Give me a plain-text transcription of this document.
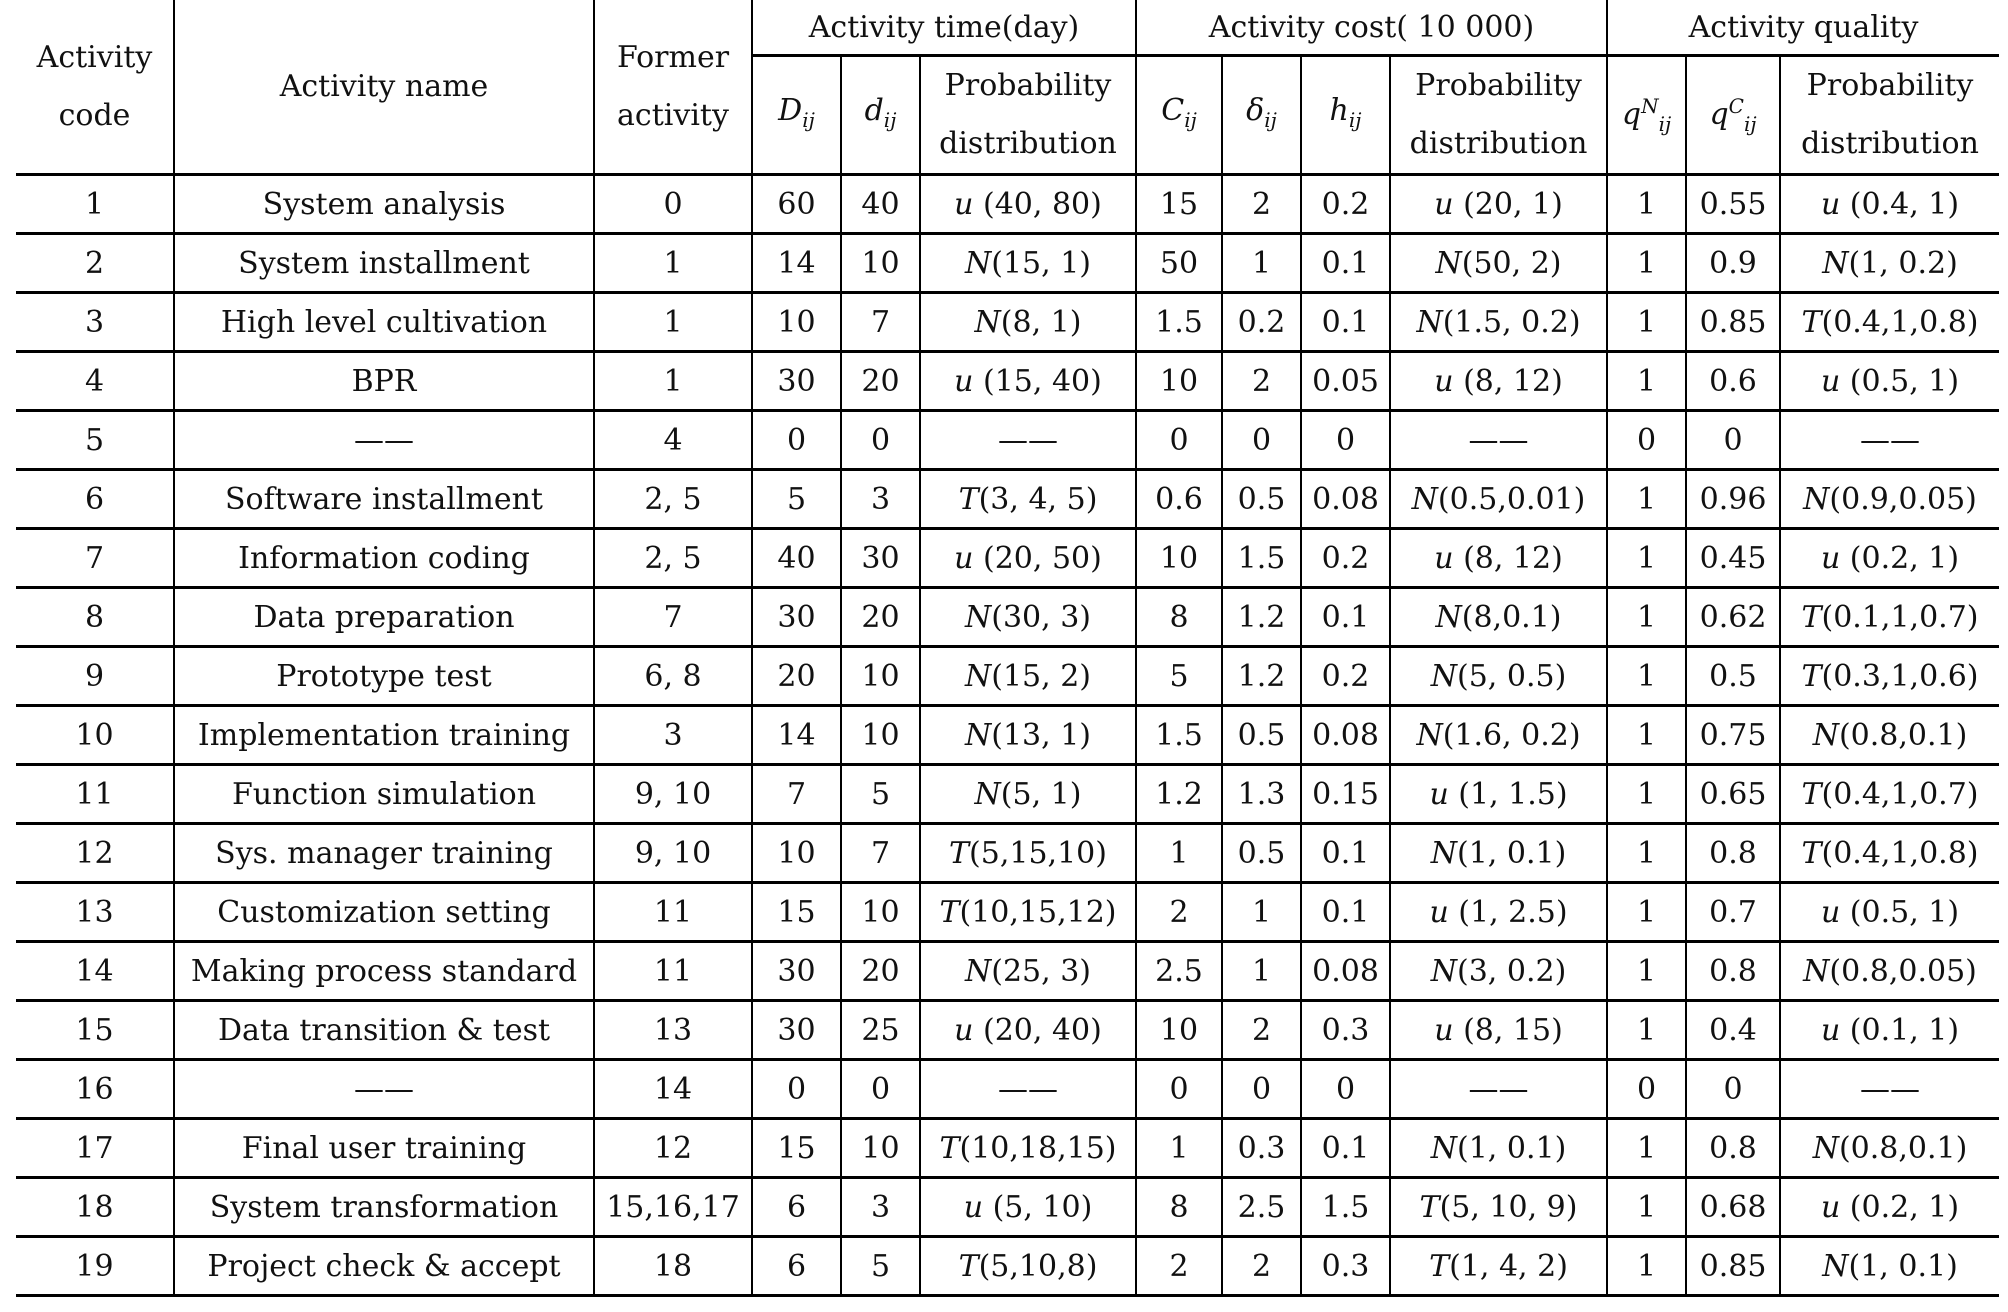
Activity code	Activity name	Former activity	Activity time(day)			Activity cost( 10 000)				Activity quality		
			$D_{ij}$	$d_{ij}$	Probability distribution	$C_{ij}$	$\delta_{ij}$	$h_{ij}$	Probability distribution	$q^N_{ij}$	$q^C_{ij}$	Probability distribution
1	System analysis	0	60	40	u (40, 80)	15	2	0.2	u (20, 1)	1	0.55	u (0.4, 1)
2	System installment	1	14	10	N(15, 1)	50	1	0.1	N(50, 2)	1	0.9	N(1, 0.2)
3	High level cultivation	1	10	7	N(8, 1)	1.5	0.2	0.1	N(1.5, 0.2)	1	0.85	T(0.4,1,0.8)
4	BPR	1	30	20	u (15, 40)	10	2	0.05	u (8, 12)	1	0.6	u (0.5, 1)
5	——	4	0	0	——	0	0	0	——	0	0	——
6	Software installment	2, 5	5	3	T(3, 4, 5)	0.6	0.5	0.08	N(0.5,0.01)	1	0.96	N(0.9,0.05)
7	Information coding	2, 5	40	30	u (20, 50)	10	1.5	0.2	u (8, 12)	1	0.45	u (0.2, 1)
8	Data preparation	7	30	20	N(30, 3)	8	1.2	0.1	N(8,0.1)	1	0.62	T(0.1,1,0.7)
9	Prototype test	6, 8	20	10	N(15, 2)	5	1.2	0.2	N(5, 0.5)	1	0.5	T(0.3,1,0.6)
10	Implementation training	3	14	10	N(13, 1)	1.5	0.5	0.08	N(1.6, 0.2)	1	0.75	N(0.8,0.1)
11	Function simulation	9, 10	7	5	N(5, 1)	1.2	1.3	0.15	u (1, 1.5)	1	0.65	T(0.4,1,0.7)
12	Sys. manager training	9, 10	10	7	T(5,15,10)	1	0.5	0.1	N(1, 0.1)	1	0.8	T(0.4,1,0.8)
13	Customization setting	11	15	10	T(10,15,12)	2	1	0.1	u (1, 2.5)	1	0.7	u (0.5, 1)
14	Making process standard	11	30	20	N(25, 3)	2.5	1	0.08	N(3, 0.2)	1	0.8	N(0.8,0.05)
15	Data transition & test	13	30	25	u (20, 40)	10	2	0.3	u (8, 15)	1	0.4	u (0.1, 1)
16	——	14	0	0	——	0	0	0	——	0	0	——
17	Final user training	12	15	10	T(10,18,15)	1	0.3	0.1	N(1, 0.1)	1	0.8	N(0.8,0.1)
18	System transformation	15,16,17	6	3	u (5, 10)	8	2.5	1.5	T(5, 10, 9)	1	0.68	u (0.2, 1)
19	Project check & accept	18	6	5	T(5,10,8)	2	2	0.3	T(1, 4, 2)	1	0.85	N(1, 0.1)
